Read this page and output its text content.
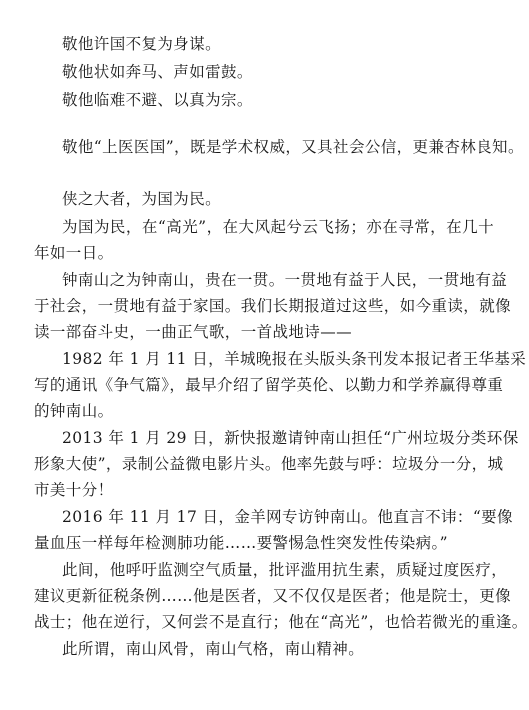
敬他许国不复为身谋。
敬他状如奔马、声如雷鼓。
敬他临难不避、以真为宗。
敬他“上医医国”，既是学术权威，又具社会公信，更兼杏林良知。
侠之大者，为国为民。
为国为民，在“高光”，在大风起兮云飞扬；亦在寻常，在几十
年如一日。
钟南山之为钟南山，贵在一贯。一贯地有益于人民，一贯地有益
于社会，一贯地有益于家国。我们长期报道过这些，如今重读，就像
读一部奋斗史，一曲正气歌，一首战地诗——
1982 年 1 月 11 日，羊城晚报在头版头条刊发本报记者王华基采
写的通讯《争气篇》，最早介绍了留学英伦、以勤力和学养赢得尊重
的钟南山。
2013 年 1 月 29 日，新快报邀请钟南山担任“广州垃圾分类环保
形象大使”，录制公益微电影片头。他率先鼓与呼：垃圾分一分，城
市美十分！
2016 年 11 月 17 日，金羊网专访钟南山。他直言不讳：“要像
量血压一样每年检测肺功能……要警惕急性突发性传染病。”
此间，他呼吁监测空气质量，批评滥用抗生素，质疑过度医疗，
建议更新征税条例……他是医者，又不仅仅是医者；他是院士，更像
战士；他在逆行，又何尝不是直行；他在“高光”，也恰若微光的重逢。
此所谓，南山风骨，南山气格，南山精神。
